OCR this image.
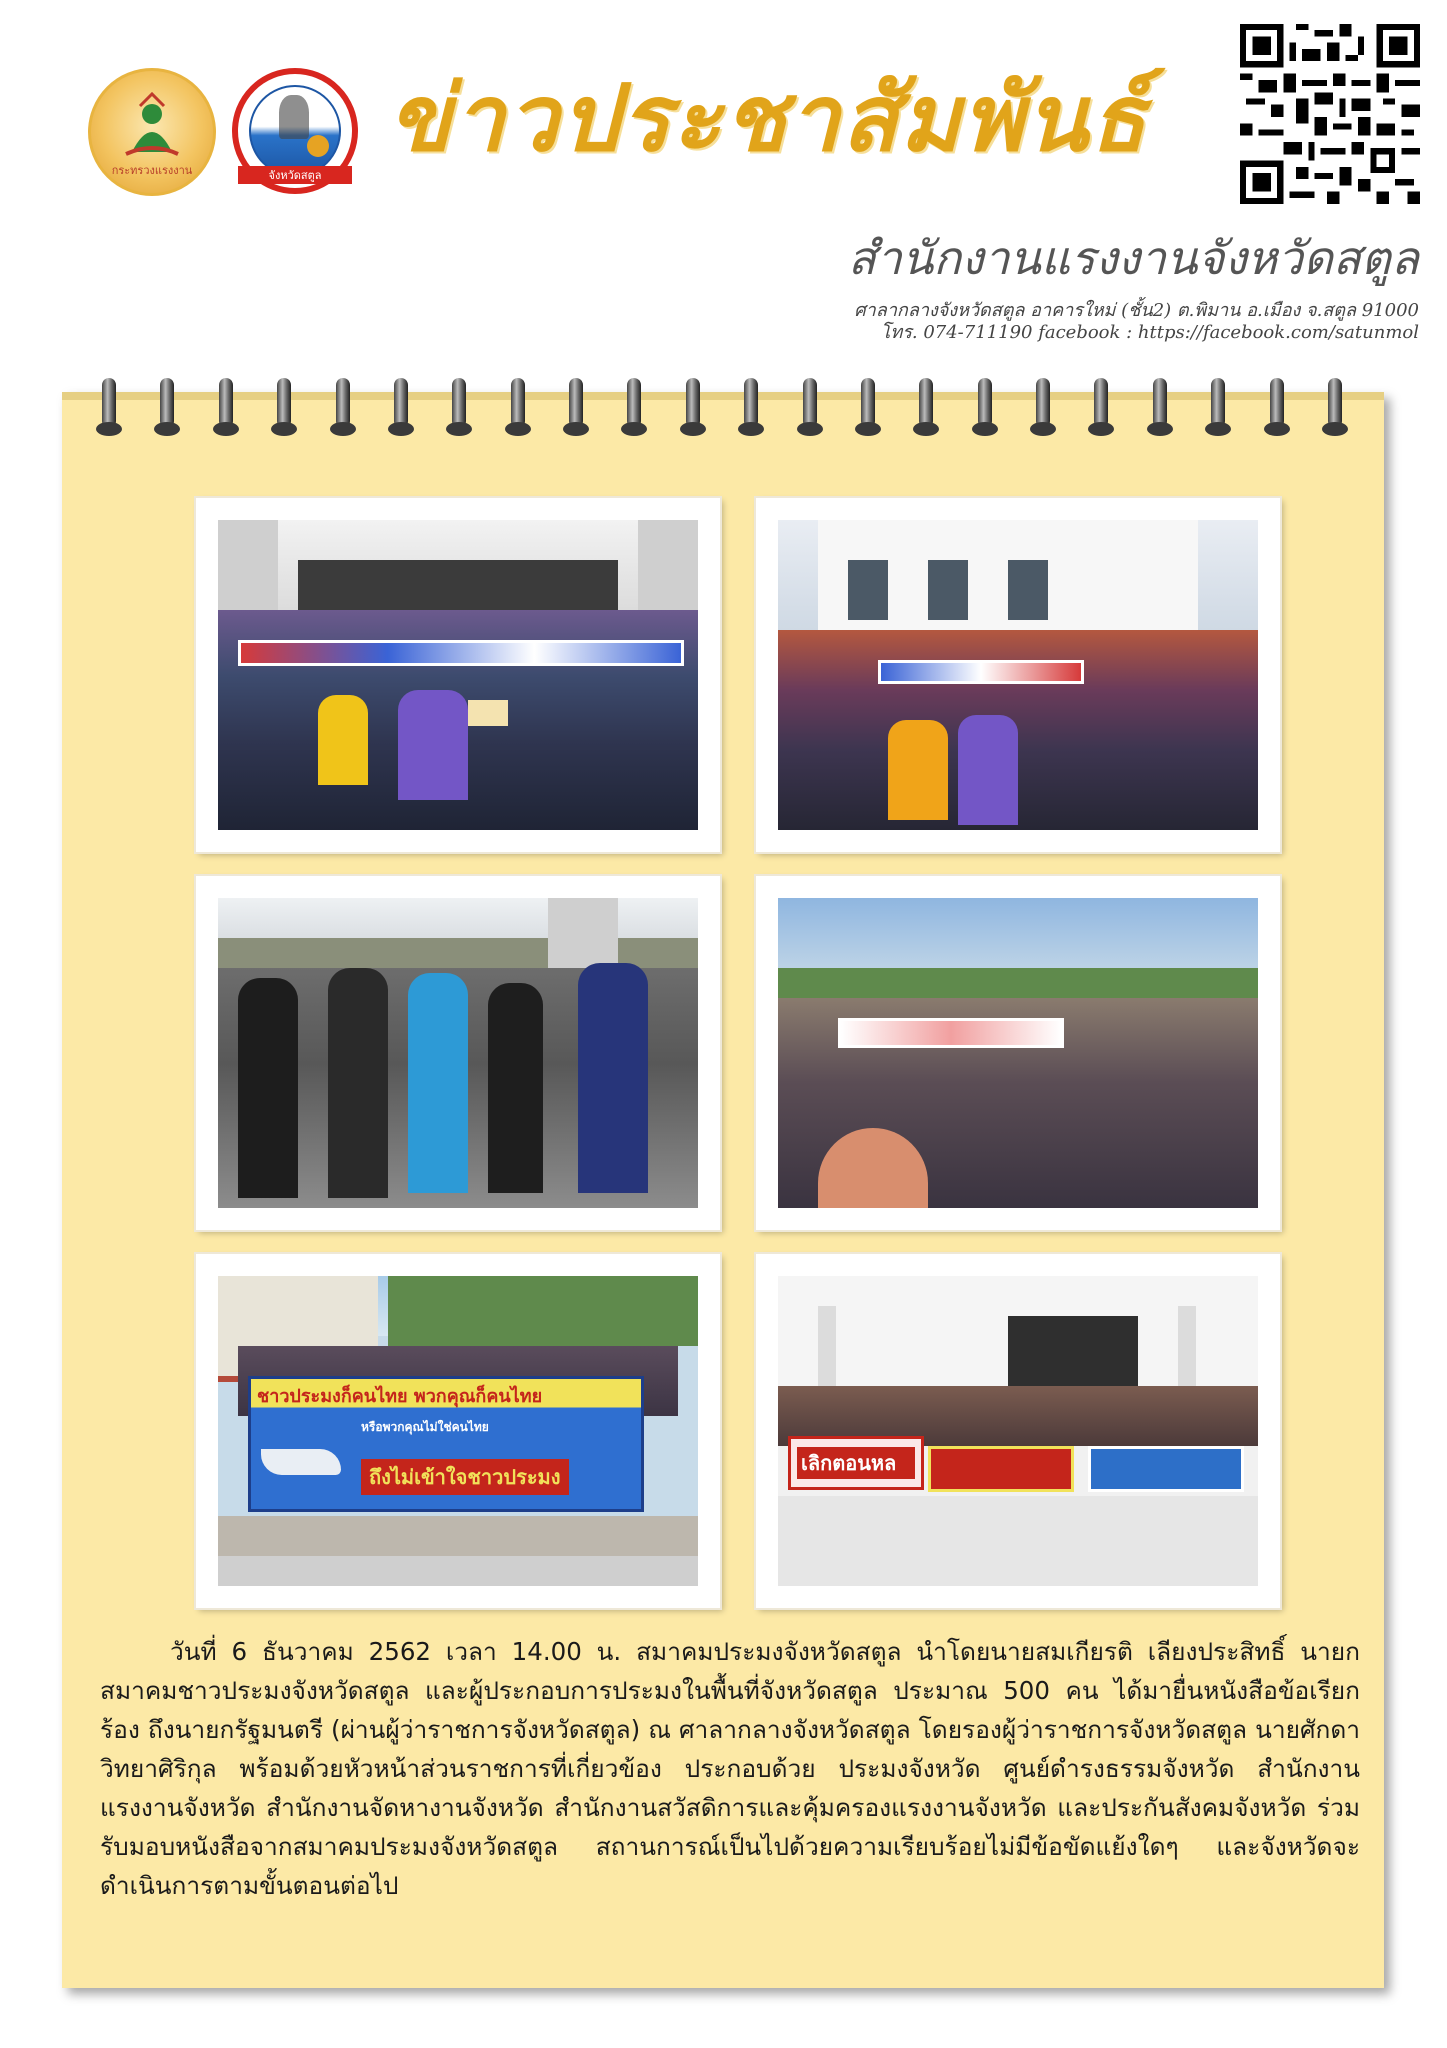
กระทรวงแรงงาน	จังหวัดสตูล
ข่าวประชาสัมพันธ์
สำนักงานแรงงานจังหวัดสตูล
ศาลากลางจังหวัดสตูล อาคารใหม่ (ชั้น2) ต.พิมาน อ.เมือง จ.สตูล 91000
โทร. 074-711190 facebook : https://facebook.com/satunmol
ชาวประมงก็คนไทย พวกคุณก็คนไทย
หรือพวกคุณไม่ใช่คนไทย
ถึงไม่เข้าใจชาวประมง
เลิกตอนหล
วันที่ 6 ธันวาคม 2562 เวลา 14.00 น. สมาคมประมงจังหวัดสตูล นำโดยนายสมเกียรติ เลียงประสิทธิ์ นายกสมาคมชาวประมงจังหวัดสตูล และผู้ประกอบการประมงในพื้นที่จังหวัดสตูล ประมาณ 500 คน ได้มายื่นหนังสือข้อเรียกร้อง ถึงนายกรัฐมนตรี (ผ่านผู้ว่าราชการจังหวัดสตูล) ณ ศาลากลางจังหวัดสตูล โดยรองผู้ว่าราชการจังหวัดสตูล นายศักดา วิทยาศิริกุล พร้อมด้วยหัวหน้าส่วนราชการที่เกี่ยวข้อง ประกอบด้วย ประมงจังหวัด ศูนย์ดำรงธรรมจังหวัด สำนักงานแรงงานจังหวัด สำนักงานจัดหางานจังหวัด สำนักงานสวัสดิการและคุ้มครองแรงงานจังหวัด และประกันสังคมจังหวัด ร่วมรับมอบหนังสือจากสมาคมประมงจังหวัดสตูล สถานการณ์เป็นไปด้วยความเรียบร้อยไม่มีข้อขัดแย้งใดๆ และจังหวัดจะดำเนินการตามขั้นตอนต่อไป
